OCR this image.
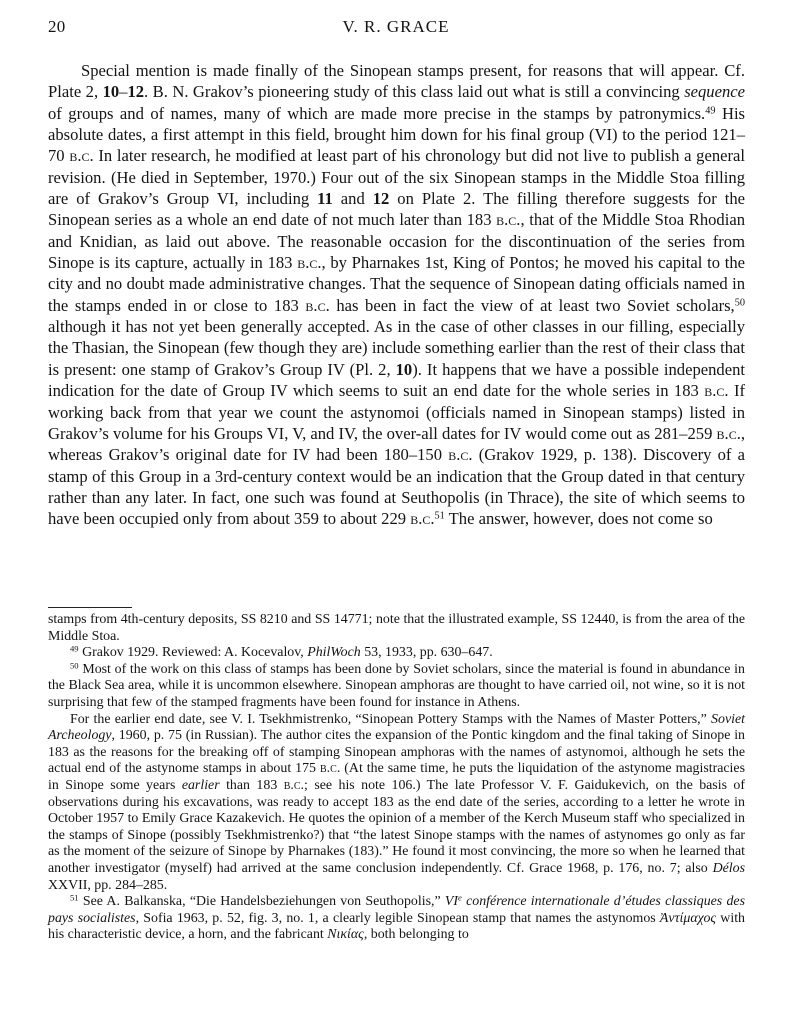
20	V. R. GRACE

Special mention is made finally of the Sinopean stamps present, for reasons that will appear. Cf. Plate 2, 10–12. B. N. Grakov’s pioneering study of this class laid out what is still a convincing sequence of groups and of names, many of which are made more precise in the stamps by patronymics.$^{49}$ His absolute dates, a first attempt in this field, brought him down for his final group (VI) to the period 121–70 b.c. In later research, he modified at least part of his chronology but did not live to publish a general revision. (He died in September, 1970.) Four out of the six Sinopean stamps in the Middle Stoa filling are of Grakov’s Group VI, including 11 and 12 on Plate 2. The filling therefore suggests for the Sinopean series as a whole an end date of not much later than 183 b.c., that of the Middle Stoa Rhodian and Knidian, as laid out above. The reasonable occasion for the discontinuation of the series from Sinope is its capture, actually in 183 b.c., by Pharnakes 1st, King of Pontos; he moved his capital to the city and no doubt made administrative changes. That the sequence of Sinopean dating officials named in the stamps ended in or close to 183 b.c. has been in fact the view of at least two Soviet scholars,$^{50}$ although it has not yet been generally accepted. As in the case of other classes in our filling, especially the Thasian, the Sinopean (few though they are) include something earlier than the rest of their class that is present: one stamp of Grakov’s Group IV (Pl. 2, 10). It happens that we have a possible independent indication for the date of Group IV which seems to suit an end date for the whole series in 183 b.c. If working back from that year we count the astynomoi (officials named in Sinopean stamps) listed in Grakov’s volume for his Groups VI, V, and IV, the over-all dates for IV would come out as 281–259 b.c., whereas Grakov’s original date for IV had been 180–150 b.c. (Grakov 1929, p. 138). Discovery of a stamp of this Group in a 3rd-century context would be an indication that the Group dated in that century rather than any later. In fact, one such was found at Seuthopolis (in Thrace), the site of which seems to have been occupied only from about 359 to about 229 b.c.$^{51}$ The answer, however, does not come so

stamps from 4th-century deposits, SS 8210 and SS 14771; note that the illustrated example, SS 12440, is from the area of the Middle Stoa.

$^{49}$ Grakov 1929. Reviewed: A. Kocevalov, PhilWoch 53, 1933, pp. 630–647.

$^{50}$ Most of the work on this class of stamps has been done by Soviet scholars, since the material is found in abundance in the Black Sea area, while it is uncommon elsewhere. Sinopean amphoras are thought to have carried oil, not wine, so it is not surprising that few of the stamped fragments have been found for instance in Athens.

For the earlier end date, see V. I. Tsekhmistrenko, “Sinopean Pottery Stamps with the Names of Master Potters,” Soviet Archeology, 1960, p. 75 (in Russian). The author cites the expansion of the Pontic kingdom and the final taking of Sinope in 183 as the reasons for the breaking off of stamping Sinopean amphoras with the names of astynomoi, although he sets the actual end of the astynome stamps in about 175 b.c. (At the same time, he puts the liquidation of the astynome magistracies in Sinope some years earlier than 183 b.c.; see his note 106.) The late Professor V. F. Gaidukevich, on the basis of observations during his excavations, was ready to accept 183 as the end date of the series, according to a letter he wrote in October 1957 to Emily Grace Kazakevich. He quotes the opinion of a member of the Kerch Museum staff who specialized in the stamps of Sinope (possibly Tsekhmistrenko?) that “the latest Sinope stamps with the names of astynomes go only as far as the moment of the seizure of Sinope by Pharnakes (183).” He found it most convincing, the more so when he learned that another investigator (myself) had arrived at the same conclusion independently. Cf. Grace 1968, p. 176, no. 7; also Délos XXVII, pp. 284–285.

$^{51}$ See A. Balkanska, “Die Handelsbeziehungen von Seuthopolis,” VIe conférence internationale d’études classiques des pays socialistes, Sofia 1963, p. 52, fig. 3, no. 1, a clearly legible Sinopean stamp that names the astynomos Ἀντίμαχος with his characteristic device, a horn, and the fabricant Νικίας, both belonging to
